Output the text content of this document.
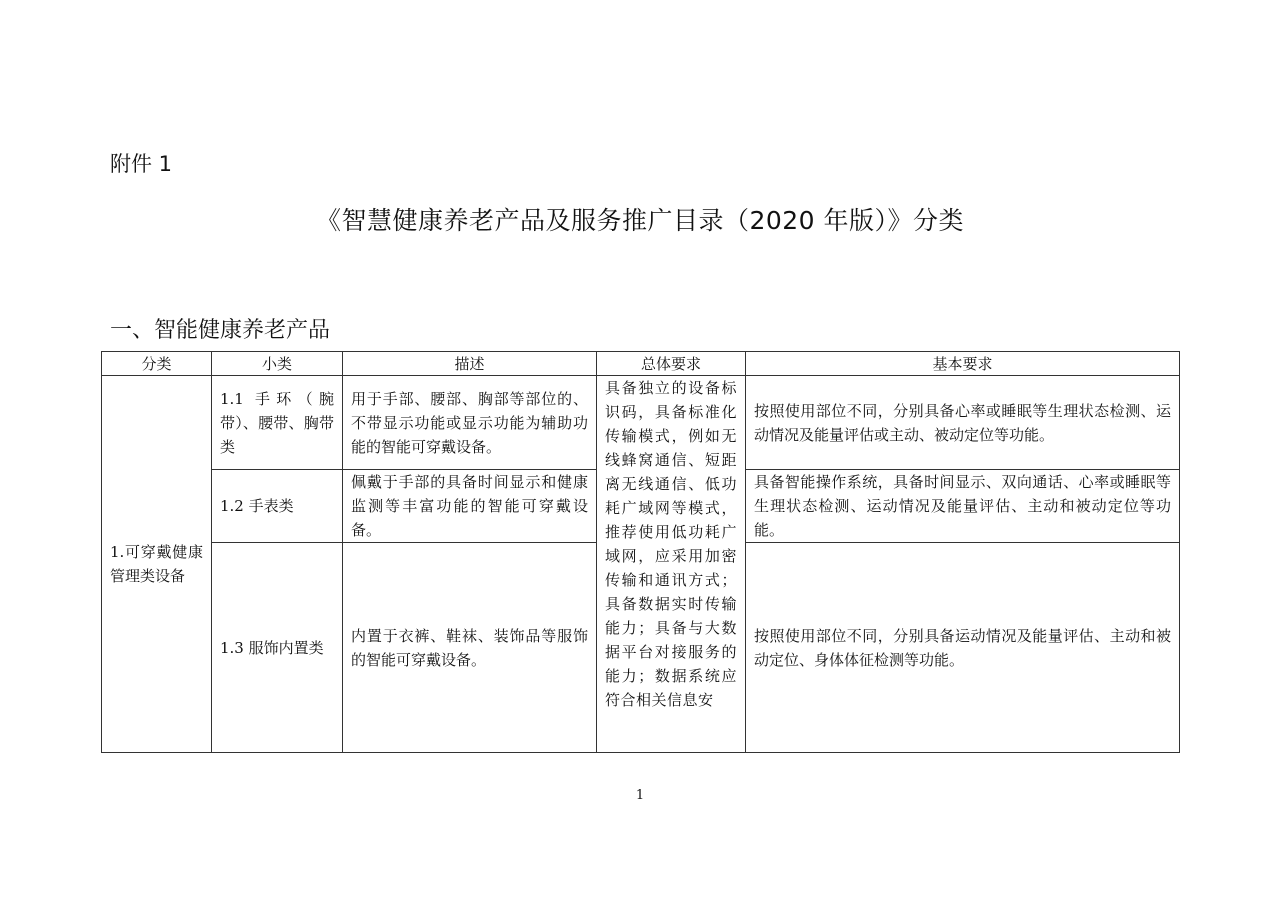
附件 1
《智慧健康养老产品及服务推广目录（2020 年版）》分类
一、智能健康养老产品
分类	小类	描述	总体要求	基本要求
1.可穿戴健康管理类设备	1.1 手环（腕带）、腰带、胸带类	用于手部、腰部、胸部等部位的、不带显示功能或显示功能为辅助功能的智能可穿戴设备。	具备独立的设备标识码，具备标准化传输模式，例如无线蜂窝通信、短距离无线通信、低功耗广域网等模式，推荐使用低功耗广域网，应采用加密传输和通讯方式；具备数据实时传输能力；具备与大数据平台对接服务的能力；数据系统应符合相关信息安	按照使用部位不同，分别具备心率或睡眠等生理状态检测、运动情况及能量评估或主动、被动定位等功能。
	1.2 手表类	佩戴于手部的具备时间显示和健康监测等丰富功能的智能可穿戴设备。		具备智能操作系统，具备时间显示、双向通话、心率或睡眠等生理状态检测、运动情况及能量评估、主动和被动定位等功能。
	1.3 服饰内置类	内置于衣裤、鞋袜、装饰品等服饰的智能可穿戴设备。		按照使用部位不同，分别具备运动情况及能量评估、主动和被动定位、身体体征检测等功能。
1
